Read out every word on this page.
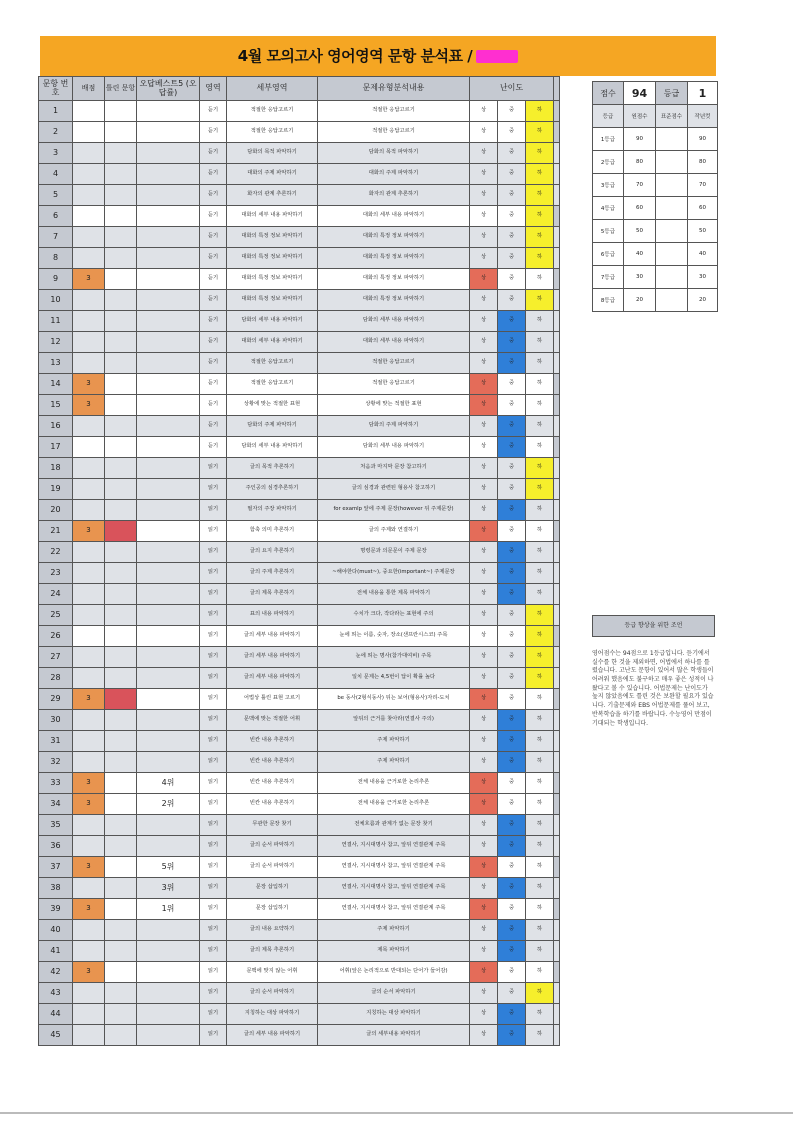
4월 모의고사 영어영역 문항 분석표 /
문항 번호	배점	틀린 문항	오답베스트5 (오답률)	영역	세부영역	문제유형분석내용	난이도			
1				듣기	적절한 응답고르기	적절한 응답고르기	상	중	하	
2				듣기	적절한 응답고르기	적절한 응답고르기	상	중	하	
3				듣기	담화의 목적 파악하기	담화의 목적 파악하기	상	중	하	
4				듣기	대화의 주제 파악하기	대화의 주제 파악하기	상	중	하	
5				듣기	화자의 관계 추론하기	화자의 관계 추론하기	상	중	하	
6				듣기	대화의 세부 내용 파악하기	대화의 세부 내용 파악하기	상	중	하	
7				듣기	대화의 특정 정보 파악하기	대화의 특정 정보 파악하기	상	중	하	
8				듣기	대화의 특정 정보 파악하기	대화의 특정 정보 파악하기	상	중	하	
9	3			듣기	대화의 특정 정보 파악하기	대화의 특정 정보 파악하기	상	중	하	
10				듣기	대화의 특정 정보 파악하기	대화의 특정 정보 파악하기	상	중	하	
11				듣기	담화의 세부 내용 파악하기	담화의 세부 내용 파악하기	상	중	하	
12				듣기	대화의 세부 내용 파악하기	대화의 세부 내용 파악하기	상	중	하	
13				듣기	적절한 응답고르기	적절한 응답고르기	상	중	하	
14	3			듣기	적절한 응답고르기	적절한 응답고르기	상	중	하	
15	3			듣기	상황에 맞는 적절한 표현	상황에 맞는 적절한 표현	상	중	하	
16				듣기	담화의 주제 파악하기	담화의 주제 파악하기	상	중	하	
17				듣기	담화의 세부 내용 파악하기	담화의 세부 내용 파악하기	상	중	하	
18				읽기	글의 목적 추론하기	처음과 마지막 문장 참고하기	상	중	하	
19				읽기	주인공의 심경추론하기	글의 심경과 관련된 형용사 참고하기	상	중	하	
20				읽기	필자의 주장 파악하기	for examlp 앞에 주제 문장(however 뒤 주제문장)	상	중	하	
21	3			읽기	함축 의미 추론하기	글의 주제와 연결하기	상	중	하	
22				읽기	글의 요지 추론하기	명령문과 의문문이 주제 문장	상	중	하	
23				읽기	글의 주제 추론하기	~해야한다(must~), 중요한(important~) 주제문장	상	중	하	
24				읽기	글의 제목 추론하기	전체 내용을 통한 제목 파악하기	상	중	하	
25				읽기	표의 내용 파악하기	수치가 크다, 작다라는 표현에 주의	상	중	하	
26				읽기	글의 세부 내용 파악하기	눈에 띄는 이름, 숫자, 장소(샌프란시스코) 주목	상	중	하	
27				읽기	글의 세부 내용 파악하기	눈에 띄는 명사(참가대여비) 주목	상	중	하	
28				읽기	글의 세부 내용 파악하기	일치 문제는 4,5번이 답이 확률 높다	상	중	하	
29	3			읽기	어법상 틀린 표현 고르기	be 동사(2형식동사) 뒤는 보어(형용사)자리-도치	상	중	하	
30				읽기	문맥에 맞는 적절한 어휘	앞뒤의 근거를 찾아라(연결사 주의)	상	중	하	
31				읽기	빈칸 내용 추론하기	주제 파악하기	상	중	하	
32				읽기	빈칸 내용 추론하기	주제 파악하기	상	중	하	
33	3		4위	읽기	빈칸 내용 추론하기	전체 내용을 근거로한 논리추론	상	중	하	
34	3		2위	읽기	빈칸 내용 추론하기	전체 내용을 근거로한 논리추론	상	중	하	
35				읽기	무관한 문장 찾기	전체흐름과 관계가 없는 문장 찾기	상	중	하	
36				읽기	글의 순서 파악하기	연결사, 지시대명사 참고, 앞뒤 연결관계 주목	상	중	하	
37	3		5위	읽기	글의 순서 파악하기	연결사, 지시대명사 참고, 앞뒤 연결관계 주목	상	중	하	
38			3위	읽기	문장 삽입하기	연결사, 지시대명사 참고, 앞뒤 연결관계 주목	상	중	하	
39	3		1위	읽기	문장 삽입하기	연결사, 지시대명사 참고, 앞뒤 연결관계 주목	상	중	하	
40				읽기	글의 내용 요약하기	주제 파악하기	상	중	하	
41				읽기	글의 제목 추론하기	제목 파악하기	상	중	하	
42	3			읽기	문맥에 맞지 않는 어휘	어휘(앞은 논리적으로 반대되는 단어가 들어감)	상	중	하	
43				읽기	글의 순서 파악하기	글의 순서 파악하기	상	중	하	
44				읽기	지칭하는 대상 파악하기	지칭하는 대상 파악하기	상	중	하	
45				읽기	글의 세부 내용 파악하기	글의 세부내용 파악하기	상	중	하	
점수	94	등급	1
등급	원점수	표준점수	작년컷
1등급	90		90
2등급	80		80
3등급	70		70
4등급	60		60
5등급	50		50
6등급	40		40
7등급	30		30
8등급	20		20
등급 향상을 위한 조언
영어점수는 94점으로 1등급입니다. 듣기에서 실수를 한 것을 제외하면, 어법에서 하나를 틀렸습니다. 고난도 문항이 있어서 많은 학생들이 어려워 했음에도 불구하고 매우 좋은 성적이 나왔다고 볼 수 있습니다. 어법문제는 난이도가 높지 않았음에도 틀린 것은 보완할 필요가 있습니다. 기출문제와 EBS 어법문제를 풀어 보고, 반복학습을 하기를 바랍니다. 수능영어 만점이 기대되는 학생입니다.
